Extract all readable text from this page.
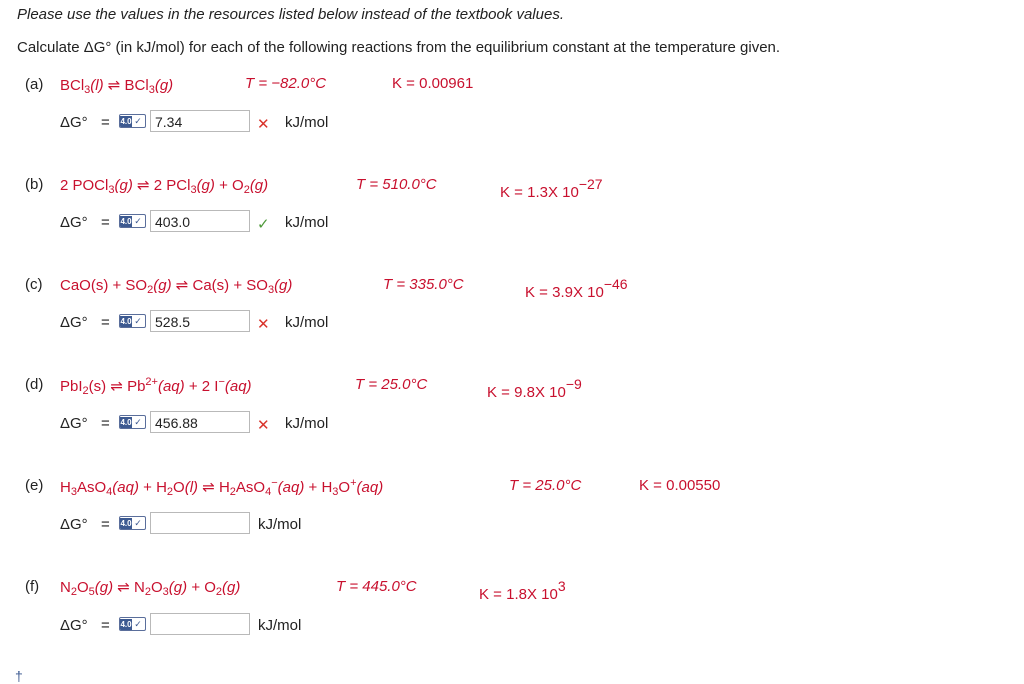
Please use the values in the resources listed below instead of the textbook values.
Calculate ΔG° (in kJ/mol) for each of the following reactions from the equilibrium constant at the temperature given.
(a) BCl$_3$(l) ⇌ BCl$_3$(g)	T = −82.0°C	K = 0.00961
ΔG° = 4.0 ✓ 7.34	✕ kJ/mol
(b) 2 POCl$_3$(g) ⇌ 2 $PCl_3(g) + O_2(g)$	T = 510.0°C	K = 1.3X $10^{-27}$
ΔG° = 4.0 ✓ 403.0	✓ kJ/mol
(c) $CaO(s) + SO_2(g)$ ⇌ $Ca(s) + SO_3(g)$	T = 335.0°C	K = 3.9X $10^{-46}$
ΔG° = 4.0 ✓ 528.5	✕ kJ/mol
(d) PbI$_2$(s) ⇌ $Pb^{2+}(aq) + 2$ I−(aq)	T = 25.0°C	K = 9.8X $10^{-9}$
ΔG° = 4.0 ✓ 456.88	✕ kJ/mol
(e) $H_3AsO_4(aq) + H_2O(l)$ ⇌ $H_2AsO_4^-(aq) + H_3O^+(aq)$	T = 25.0°C	K = 0.00550
ΔG° = 4.0 ✓	kJ/mol
(f) $N_2O_5(g)$ ⇌ $N_2O_3(g) + O_2(g)$	T = 445.0°C	K = 1.8X $10^3$
ΔG° = 4.0 ✓	kJ/mol
†
